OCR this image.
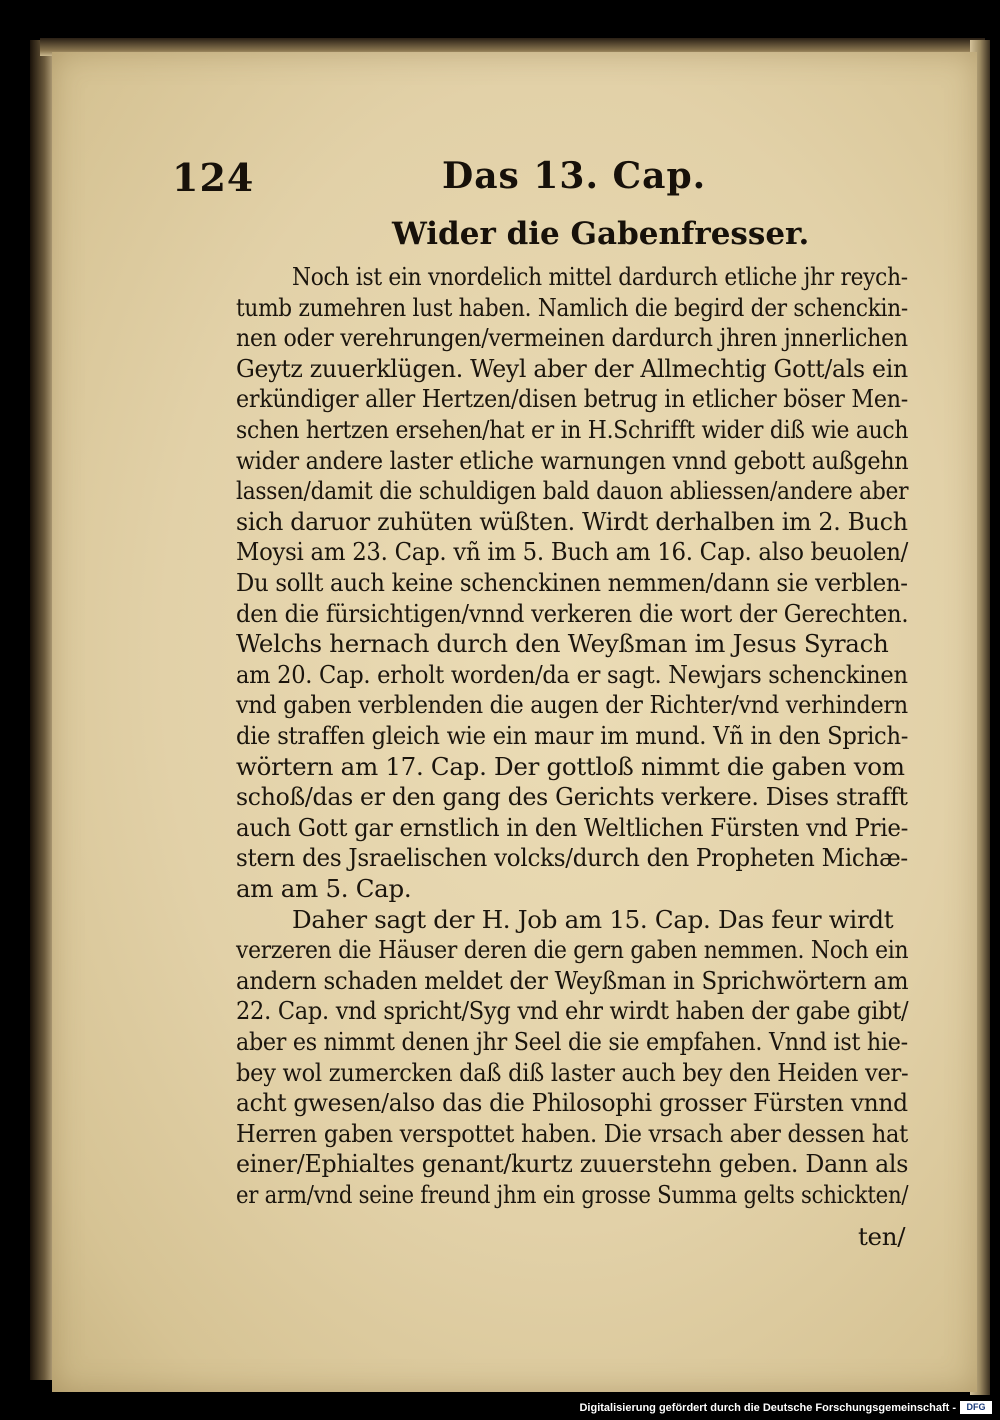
124	Das 13. Cap.
Wider die Gabenfresser.
Noch ist ein vnordelich mittel dardurch etliche jhr reych-
tumb zumehren lust haben. Namlich die begird der schenckin-
nen oder verehrungen/vermeinen dardurch jhren jnnerlichen
Geytz zuuerklügen. Weyl aber der Allmechtig Gott/als ein
erkündiger aller Hertzen/disen betrug in etlicher böser Men-
schen hertzen ersehen/hat er in H.Schrifft wider diß wie auch
wider andere laster etliche warnungen vnnd gebott außgehn
lassen/damit die schuldigen bald dauon abliessen/andere aber
sich daruor zuhüten wüßten. Wirdt derhalben im 2. Buch
Moysi am 23. Cap. vñ im 5. Buch am 16. Cap. also beuolen/
Du sollt auch keine schenckinen nemmen/dann sie verblen-
den die fürsichtigen/vnnd verkeren die wort der Gerechten.
Welchs hernach durch den Weyßman im Jesus Syrach
am 20. Cap. erholt worden/da er sagt. Newjars schenckinen
vnd gaben verblenden die augen der Richter/vnd verhindern
die straffen gleich wie ein maur im mund. Vñ in den Sprich-
wörtern am 17. Cap. Der gottloß nimmt die gaben vom
schoß/das er den gang des Gerichts verkere. Dises strafft
auch Gott gar ernstlich in den Weltlichen Fürsten vnd Prie-
stern des Jsraelischen volcks/durch den Propheten Michæ-
am am 5. Cap.
Daher sagt der H. Job am 15. Cap. Das feur wirdt
verzeren die Häuser deren die gern gaben nemmen. Noch ein
andern schaden meldet der Weyßman in Sprichwörtern am
22. Cap. vnd spricht/Syg vnd ehr wirdt haben der gabe gibt/
aber es nimmt denen jhr Seel die sie empfahen. Vnnd ist hie-
bey wol zumercken daß diß laster auch bey den Heiden ver-
acht gwesen/also das die Philosophi grosser Fürsten vnnd
Herren gaben verspottet haben. Die vrsach aber dessen hat
einer/Ephialtes genant/kurtz zuuerstehn geben. Dann als
er arm/vnd seine freund jhm ein grosse Summa gelts schickten/
ten/
Digitalisierung gefördert durch die Deutsche Forschungsgemeinschaft -	DFG
